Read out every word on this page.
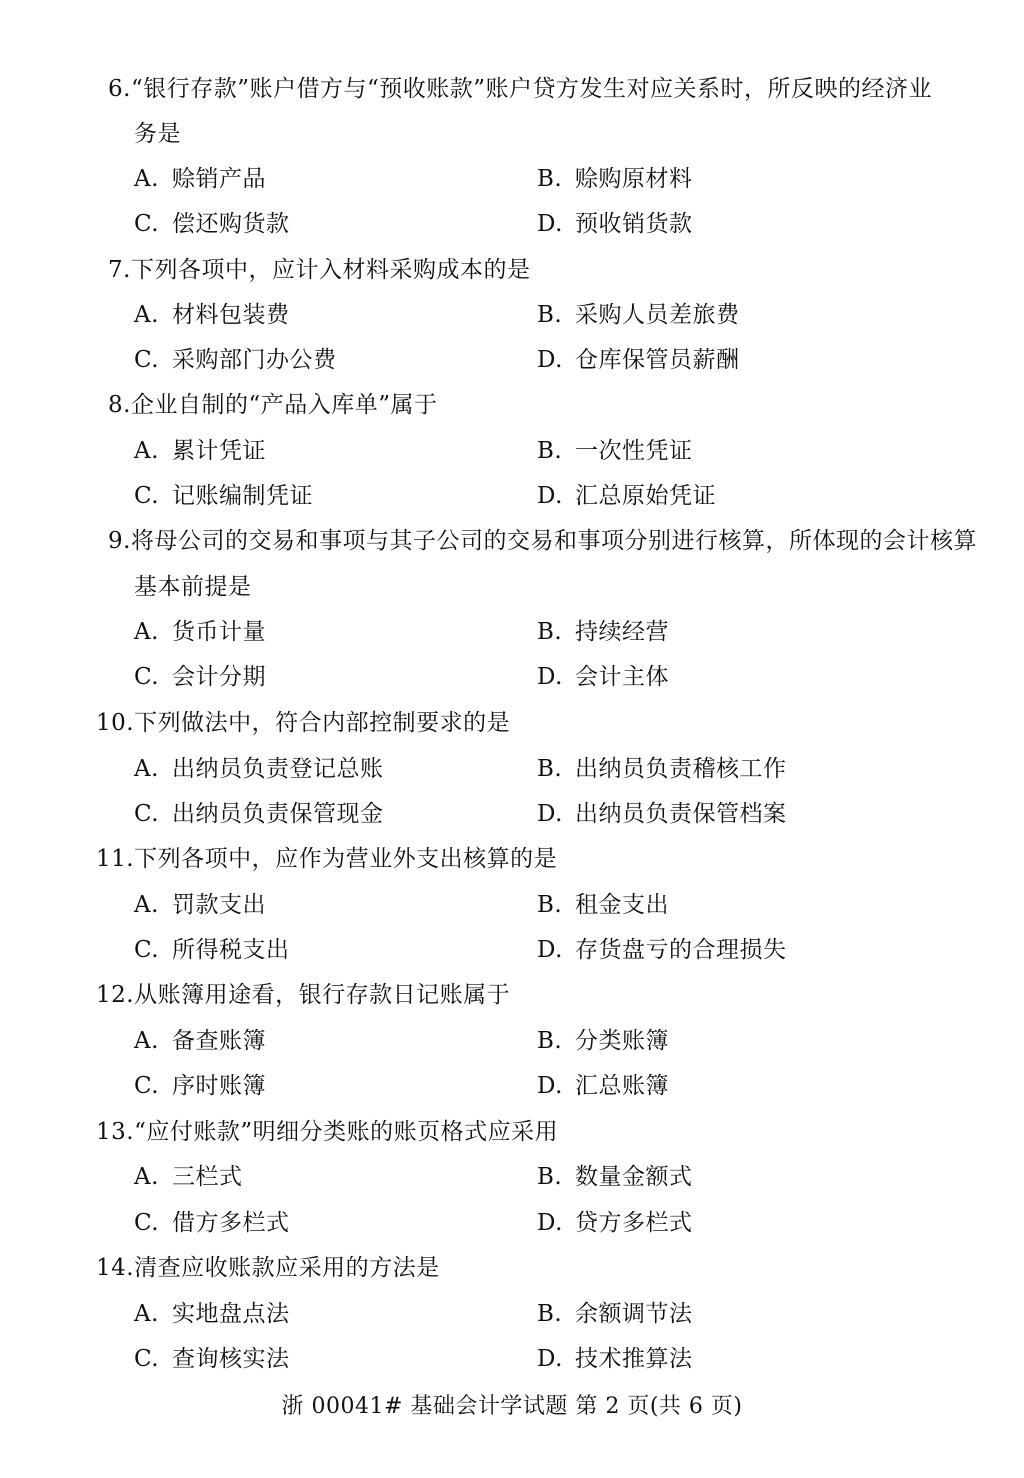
6.“银行存款”账户借方与“预收账款”账户贷方发生对应关系时，所反映的经济业
务是
A. 赊销产品	B. 赊购原材料
C. 偿还购货款	D. 预收销货款
7.下列各项中，应计入材料采购成本的是
A. 材料包装费	B. 采购人员差旅费
C. 采购部门办公费	D. 仓库保管员薪酬
8.企业自制的“产品入库单”属于
A. 累计凭证	B. 一次性凭证
C. 记账编制凭证	D. 汇总原始凭证
9.将母公司的交易和事项与其子公司的交易和事项分别进行核算，所体现的会计核算
基本前提是
A. 货币计量	B. 持续经营
C. 会计分期	D. 会计主体
10.下列做法中，符合内部控制要求的是
A. 出纳员负责登记总账	B. 出纳员负责稽核工作
C. 出纳员负责保管现金	D. 出纳员负责保管档案
11.下列各项中，应作为营业外支出核算的是
A. 罚款支出	B. 租金支出
C. 所得税支出	D. 存货盘亏的合理损失
12.从账簿用途看，银行存款日记账属于
A. 备查账簿	B. 分类账簿
C. 序时账簿	D. 汇总账簿
13.“应付账款”明细分类账的账页格式应采用
A. 三栏式	B. 数量金额式
C. 借方多栏式	D. 贷方多栏式
14.清查应收账款应采用的方法是
A. 实地盘点法	B. 余额调节法
C. 查询核实法	D. 技术推算法
浙 00041# 基础会计学试题 第 2 页(共 6 页)
